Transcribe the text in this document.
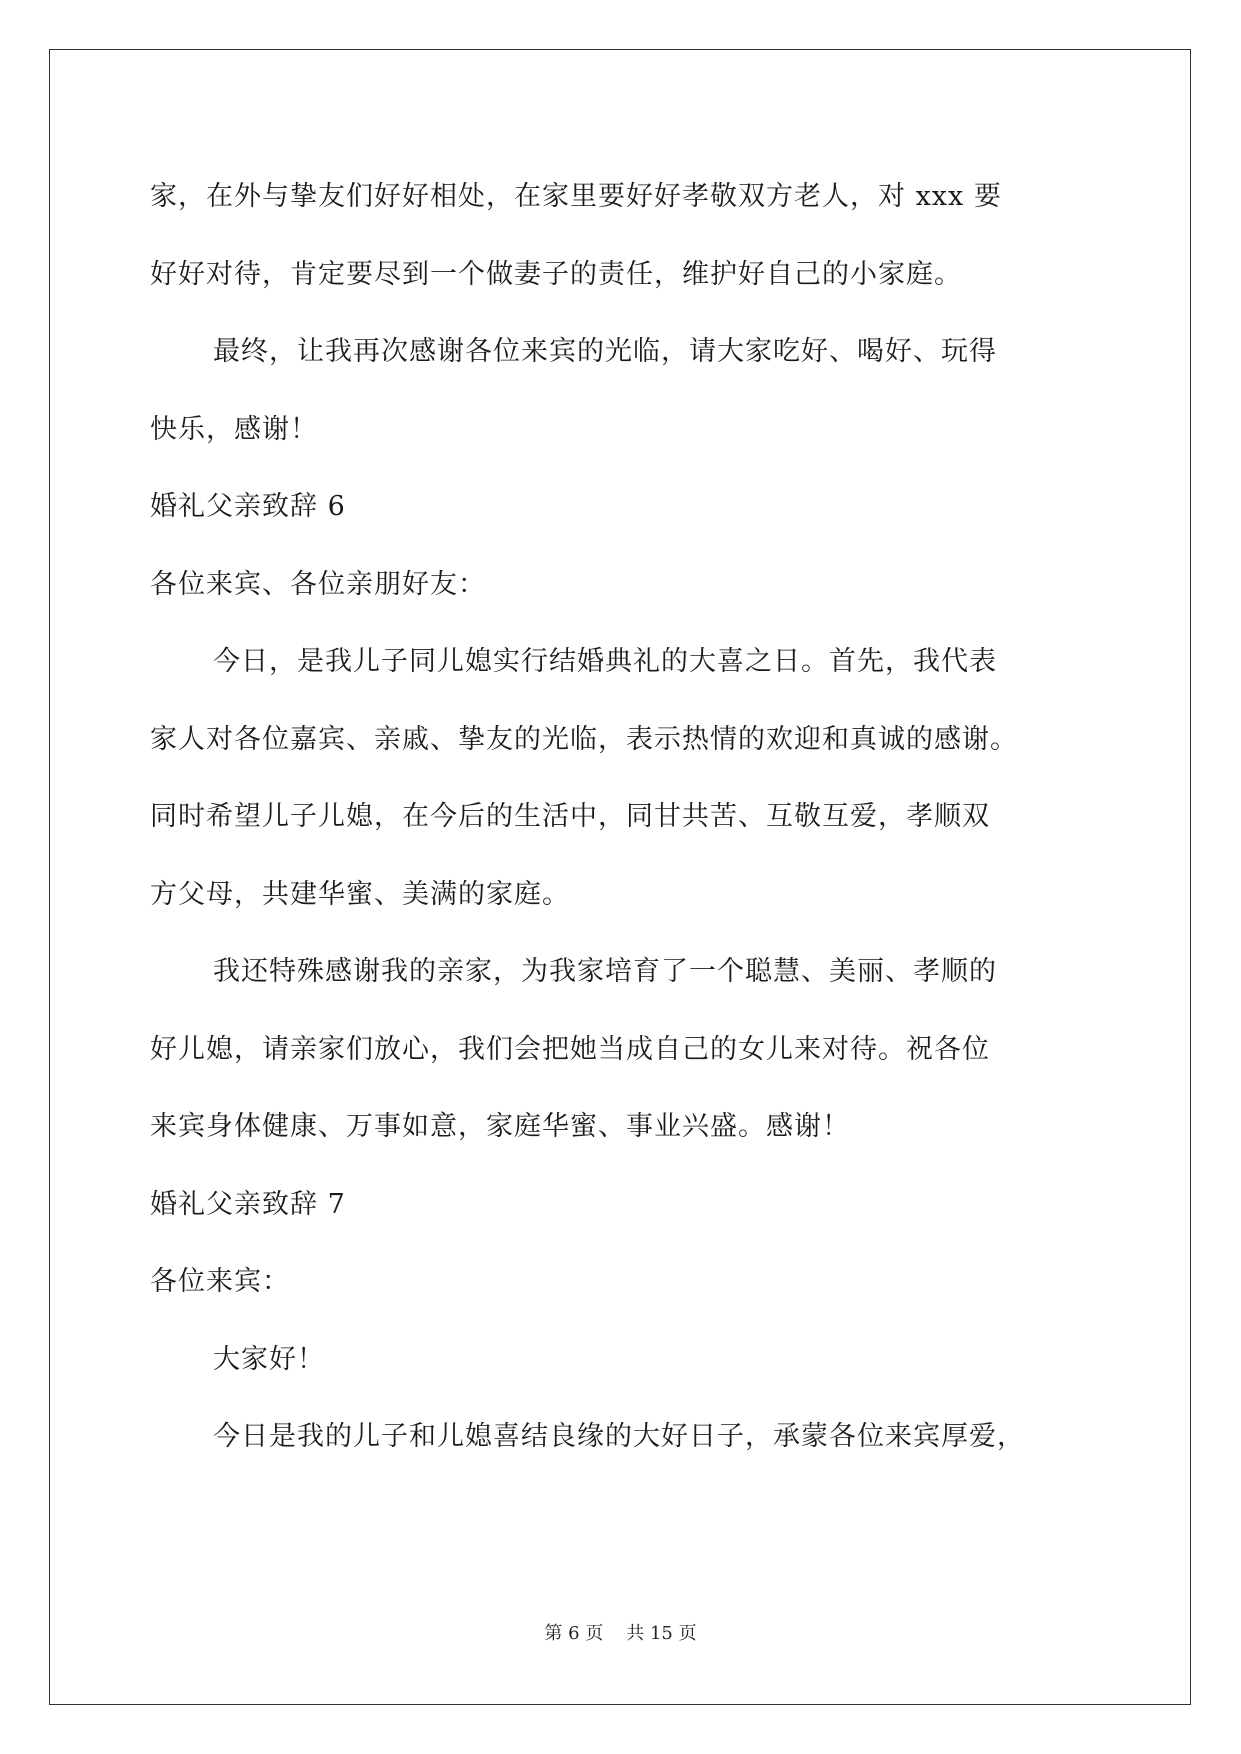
家，在外与挚友们好好相处，在家里要好好孝敬双方老人，对 xxx 要

好好对待，肯定要尽到一个做妻子的责任，维护好自己的小家庭。

最终，让我再次感谢各位来宾的光临，请大家吃好、喝好、玩得

快乐，感谢！

婚礼父亲致辞 6

各位来宾、各位亲朋好友：

今日，是我儿子同儿媳实行结婚典礼的大喜之日。首先，我代表

家人对各位嘉宾、亲戚、挚友的光临，表示热情的欢迎和真诚的感谢。

同时希望儿子儿媳，在今后的生活中，同甘共苦、互敬互爱，孝顺双

方父母，共建华蜜、美满的家庭。

我还特殊感谢我的亲家，为我家培育了一个聪慧、美丽、孝顺的

好儿媳，请亲家们放心，我们会把她当成自己的女儿来对待。祝各位

来宾身体健康、万事如意，家庭华蜜、事业兴盛。感谢！

婚礼父亲致辞 7

各位来宾：

大家好！

今日是我的儿子和儿媳喜结良缘的大好日子，承蒙各位来宾厚爱，

第 6 页 共 15 页
